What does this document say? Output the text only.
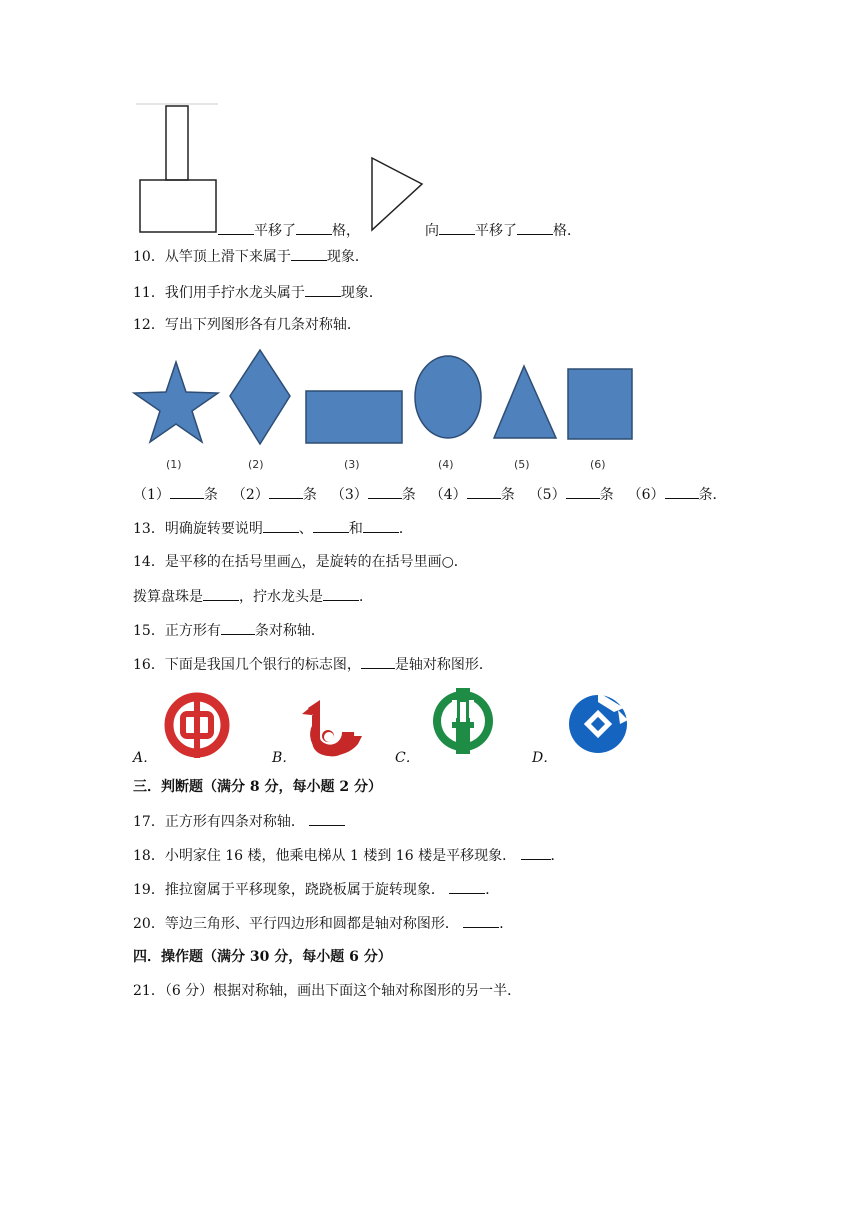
平移了	格，	向	平移了	格．
10．从竿顶上滑下来属于	现象．
11．我们用手拧水龙头属于	现象．
12．写出下列图形各有几条对称轴．
(1)	(2)	(3)	(4)	(5)	(6)
（1） 条  （2） 条  （3） 条  （4） 条  （5） 条  （6） 条．
13．明确旋转要说明	、	和	．
14．是平移的在括号里画△，是旋转的在括号里画○．
拨算盘珠是	，拧水龙头是	．
15．正方形有 条对称轴．
16．下面是我国几个银行的标志图， 是轴对称图形．
A．	B．	C．	D．
三．判断题（满分 8 分，每小题 2 分）
17．正方形有四条对称轴．
18．小明家住 16 楼，他乘电梯从 1 楼到 16 楼是平移现象． ．
19．推拉窗属于平移现象，跷跷板属于旋转现象．	．
20．等边三角形、平行四边形和圆都是轴对称图形．	．
四．操作题（满分 30 分，每小题 6 分）
21．（6 分）根据对称轴，画出下面这个轴对称图形的另一半．
